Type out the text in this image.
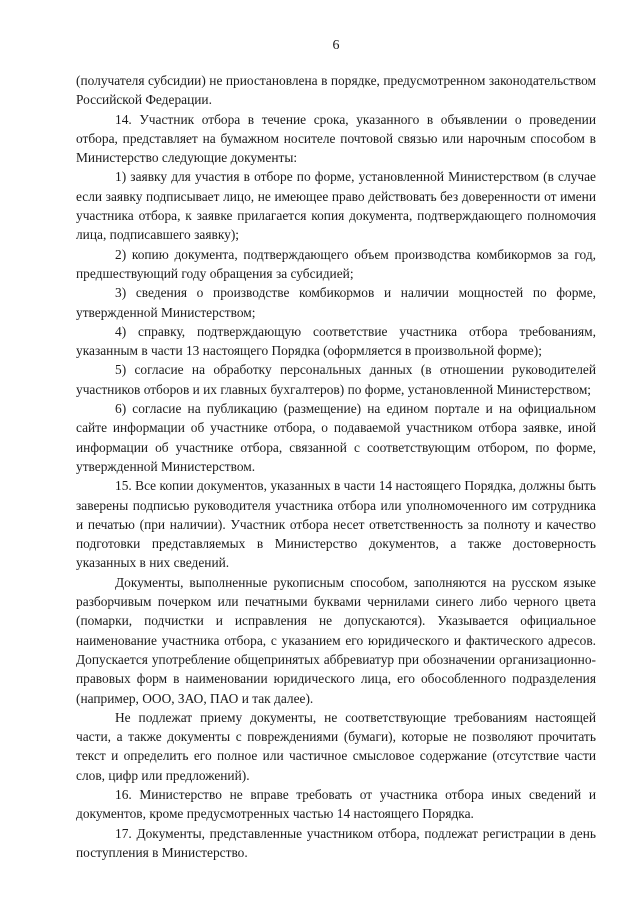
6

(получателя субсидии) не приостановлена в порядке, предусмотренном законодательством Российской Федерации.

14. Участник отбора в течение срока, указанного в объявлении о проведении отбора, представляет на бумажном носителе почтовой связью или нарочным способом в Министерство следующие документы:

1) заявку для участия в отборе по форме, установленной Министерством (в случае если заявку подписывает лицо, не имеющее право действовать без доверенности от имени участника отбора, к заявке прилагается копия документа, подтверждающего полномочия лица, подписавшего заявку);

2) копию документа, подтверждающего объем производства комбикормов за год, предшествующий году обращения за субсидией;

3) сведения о производстве комбикормов и наличии мощностей по форме, утвержденной Министерством;

4) справку, подтверждающую соответствие участника отбора требованиям, указанным в части 13 настоящего Порядка (оформляется в произвольной форме);

5) согласие на обработку персональных данных (в отношении руководителей участников отборов и их главных бухгалтеров) по форме, установленной Министерством;

6) согласие на публикацию (размещение) на едином портале и на официальном сайте информации об участнике отбора, о подаваемой участником отбора заявке, иной информации об участнике отбора, связанной с соответствующим отбором, по форме, утвержденной Министерством.

15. Все копии документов, указанных в части 14 настоящего Порядка, должны быть заверены подписью руководителя участника отбора или уполномоченного им сотрудника и печатью (при наличии). Участник отбора несет ответственность за полноту и качество подготовки представляемых в Министерство документов, а также достоверность указанных в них сведений.

Документы, выполненные рукописным способом, заполняются на русском языке разборчивым почерком или печатными буквами чернилами синего либо черного цвета (помарки, подчистки и исправления не допускаются). Указывается официальное наименование участника отбора, с указанием его юридического и фактического адресов. Допускается употребление общепринятых аббревиатур при обозначении организационно-правовых форм в наименовании юридического лица, его обособленного подразделения (например, ООО, ЗАО, ПАО и так далее).

Не подлежат приему документы, не соответствующие требованиям настоящей части, а также документы с повреждениями (бумаги), которые не позволяют прочитать текст и определить его полное или частичное смысловое содержание (отсутствие части слов, цифр или предложений).

16. Министерство не вправе требовать от участника отбора иных сведений и документов, кроме предусмотренных частью 14 настоящего Порядка.

17. Документы, представленные участником отбора, подлежат регистрации в день поступления в Министерство.
